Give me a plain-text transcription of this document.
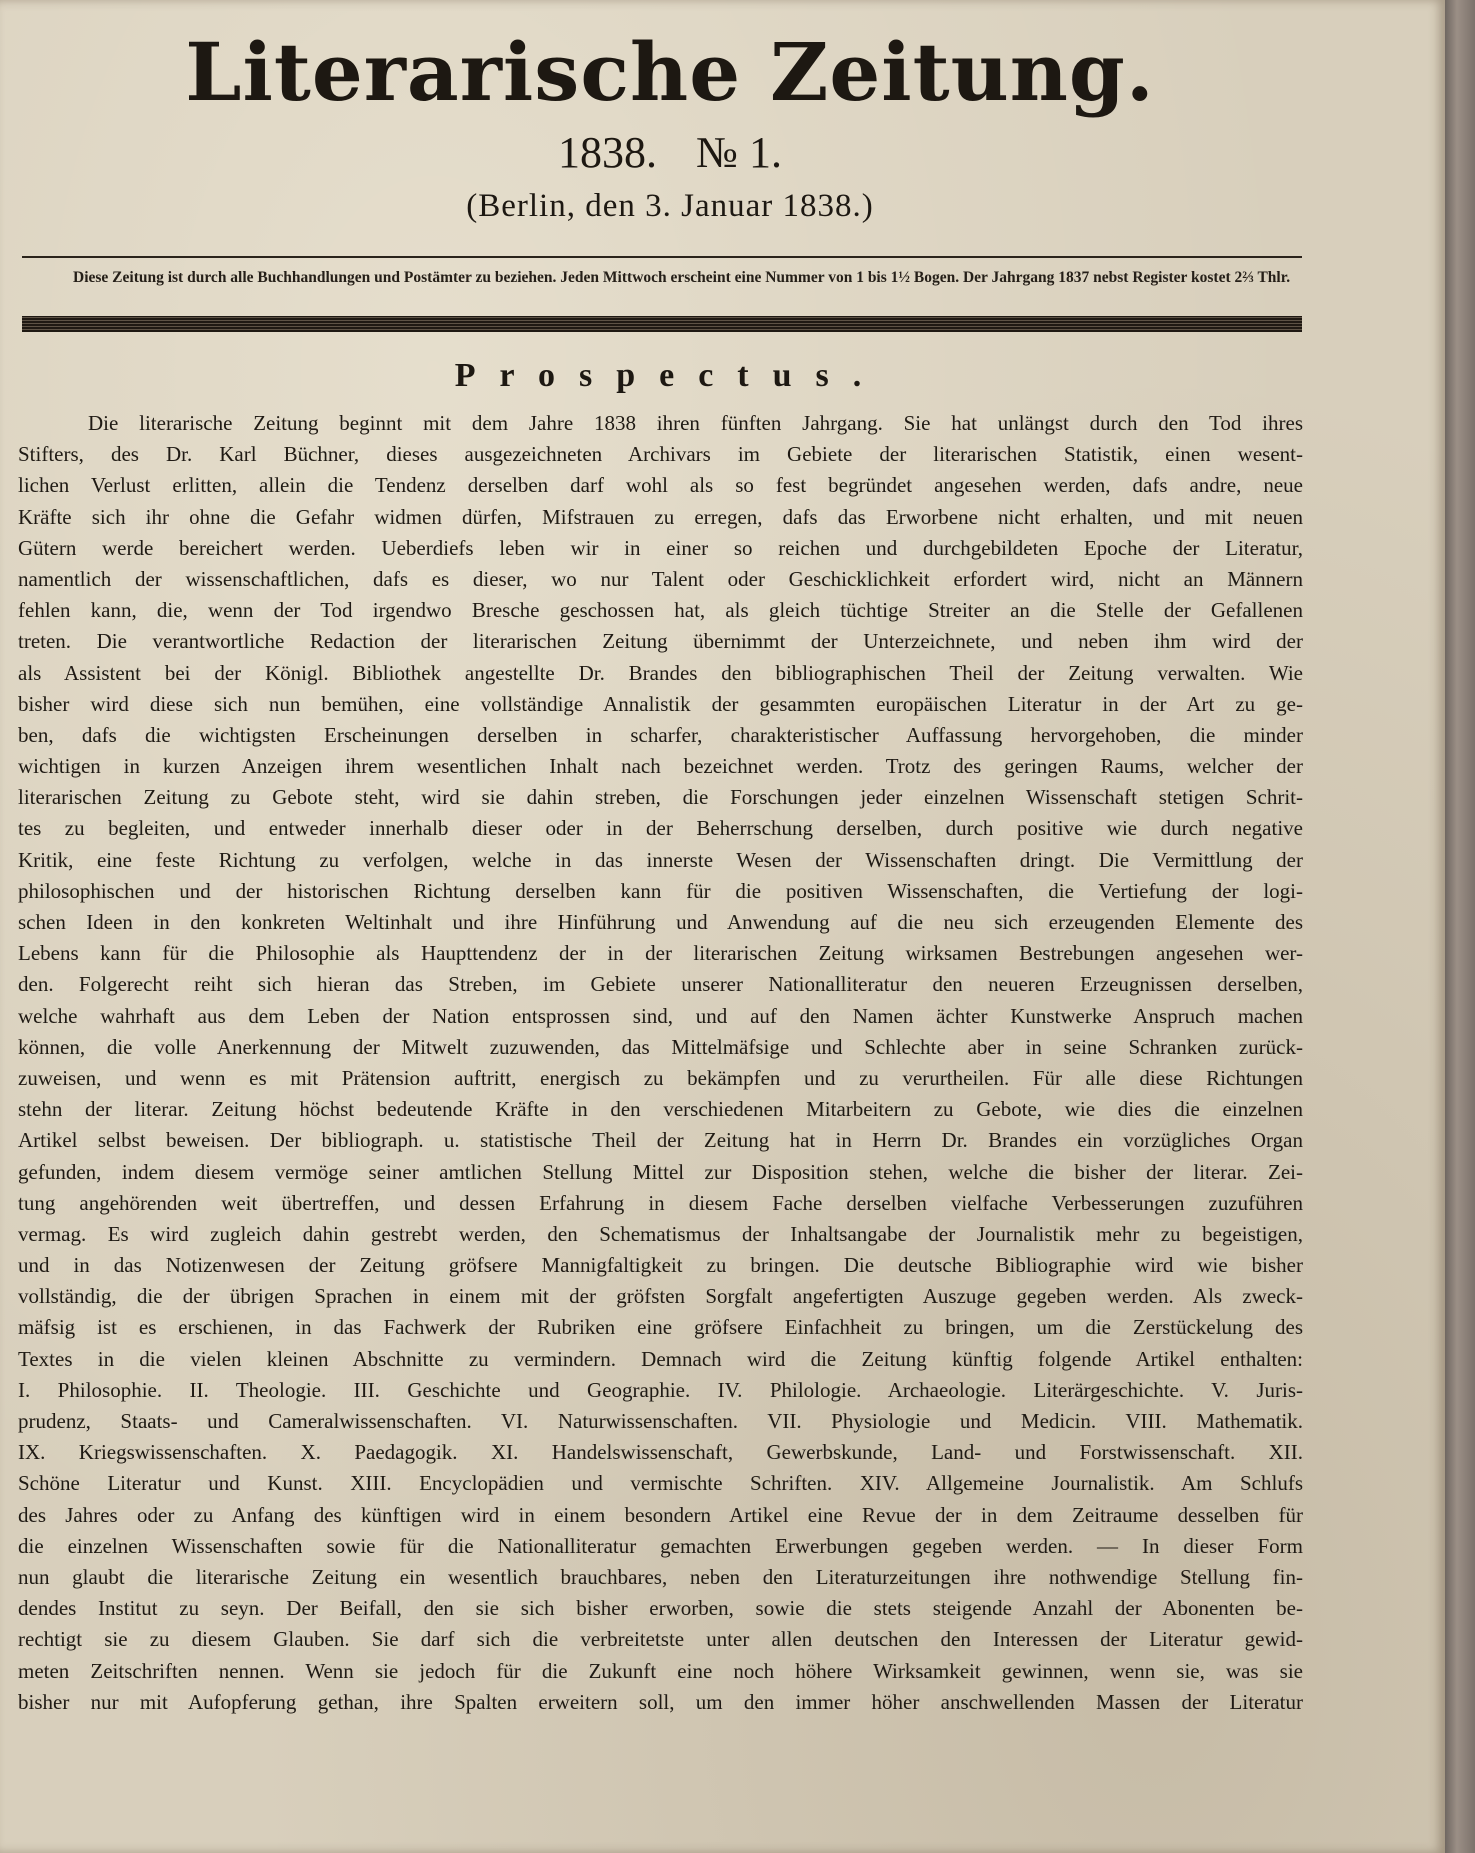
Literarische Zeitung.
1838. № 1.
(Berlin, den 3. Januar 1838.)
Diese Zeitung ist durch alle Buchhandlungen und Postämter zu beziehen. Jeden Mittwoch erscheint eine Nummer von 1 bis 1½ Bogen. Der Jahrgang 1837 nebst Register kostet 2⅔ Thlr.
Prospectus.
Die literarische Zeitung beginnt mit dem Jahre 1838 ihren fünften Jahrgang. Sie hat unlängst durch den Tod ihres
Stifters, des Dr. Karl Büchner, dieses ausgezeichneten Archivars im Gebiete der literarischen Statistik, einen wesent-
lichen Verlust erlitten, allein die Tendenz derselben darf wohl als so fest begründet angesehen werden, dafs andre, neue
Kräfte sich ihr ohne die Gefahr widmen dürfen, Mifstrauen zu erregen, dafs das Erworbene nicht erhalten, und mit neuen
Gütern werde bereichert werden. Ueberdiefs leben wir in einer so reichen und durchgebildeten Epoche der Literatur,
namentlich der wissenschaftlichen, dafs es dieser, wo nur Talent oder Geschicklichkeit erfordert wird, nicht an Männern
fehlen kann, die, wenn der Tod irgendwo Bresche geschossen hat, als gleich tüchtige Streiter an die Stelle der Gefallenen
treten. Die verantwortliche Redaction der literarischen Zeitung übernimmt der Unterzeichnete, und neben ihm wird der
als Assistent bei der Königl. Bibliothek angestellte Dr. Brandes den bibliographischen Theil der Zeitung verwalten. Wie
bisher wird diese sich nun bemühen, eine vollständige Annalistik der gesammten europäischen Literatur in der Art zu ge-
ben, dafs die wichtigsten Erscheinungen derselben in scharfer, charakteristischer Auffassung hervorgehoben, die minder
wichtigen in kurzen Anzeigen ihrem wesentlichen Inhalt nach bezeichnet werden. Trotz des geringen Raums, welcher der
literarischen Zeitung zu Gebote steht, wird sie dahin streben, die Forschungen jeder einzelnen Wissenschaft stetigen Schrit-
tes zu begleiten, und entweder innerhalb dieser oder in der Beherrschung derselben, durch positive wie durch negative
Kritik, eine feste Richtung zu verfolgen, welche in das innerste Wesen der Wissenschaften dringt. Die Vermittlung der
philosophischen und der historischen Richtung derselben kann für die positiven Wissenschaften, die Vertiefung der logi-
schen Ideen in den konkreten Weltinhalt und ihre Hinführung und Anwendung auf die neu sich erzeugenden Elemente des
Lebens kann für die Philosophie als Haupttendenz der in der literarischen Zeitung wirksamen Bestrebungen angesehen wer-
den. Folgerecht reiht sich hieran das Streben, im Gebiete unserer Nationalliteratur den neueren Erzeugnissen derselben,
welche wahrhaft aus dem Leben der Nation entsprossen sind, und auf den Namen ächter Kunstwerke Anspruch machen
können, die volle Anerkennung der Mitwelt zuzuwenden, das Mittelmäfsige und Schlechte aber in seine Schranken zurück-
zuweisen, und wenn es mit Prätension auftritt, energisch zu bekämpfen und zu verurtheilen. Für alle diese Richtungen
stehn der literar. Zeitung höchst bedeutende Kräfte in den verschiedenen Mitarbeitern zu Gebote, wie dies die einzelnen
Artikel selbst beweisen. Der bibliograph. u. statistische Theil der Zeitung hat in Herrn Dr. Brandes ein vorzügliches Organ
gefunden, indem diesem vermöge seiner amtlichen Stellung Mittel zur Disposition stehen, welche die bisher der literar. Zei-
tung angehörenden weit übertreffen, und dessen Erfahrung in diesem Fache derselben vielfache Verbesserungen zuzuführen
vermag. Es wird zugleich dahin gestrebt werden, den Schematismus der Inhaltsangabe der Journalistik mehr zu begeistigen,
und in das Notizenwesen der Zeitung gröfsere Mannigfaltigkeit zu bringen. Die deutsche Bibliographie wird wie bisher
vollständig, die der übrigen Sprachen in einem mit der gröfsten Sorgfalt angefertigten Auszuge gegeben werden. Als zweck-
mäfsig ist es erschienen, in das Fachwerk der Rubriken eine gröfsere Einfachheit zu bringen, um die Zerstückelung des
Textes in die vielen kleinen Abschnitte zu vermindern. Demnach wird die Zeitung künftig folgende Artikel enthalten:
I. Philosophie. II. Theologie. III. Geschichte und Geographie. IV. Philologie. Archaeologie. Literärgeschichte. V. Juris-
prudenz, Staats- und Cameralwissenschaften. VI. Naturwissenschaften. VII. Physiologie und Medicin. VIII. Mathematik.
IX. Kriegswissenschaften. X. Paedagogik. XI. Handelswissenschaft, Gewerbskunde, Land- und Forstwissenschaft. XII.
Schöne Literatur und Kunst. XIII. Encyclopädien und vermischte Schriften. XIV. Allgemeine Journalistik. Am Schlufs
des Jahres oder zu Anfang des künftigen wird in einem besondern Artikel eine Revue der in dem Zeitraume desselben für
die einzelnen Wissenschaften sowie für die Nationalliteratur gemachten Erwerbungen gegeben werden. — In dieser Form
nun glaubt die literarische Zeitung ein wesentlich brauchbares, neben den Literaturzeitungen ihre nothwendige Stellung fin-
dendes Institut zu seyn. Der Beifall, den sie sich bisher erworben, sowie die stets steigende Anzahl der Abonenten be-
rechtigt sie zu diesem Glauben. Sie darf sich die verbreitetste unter allen deutschen den Interessen der Literatur gewid-
meten Zeitschriften nennen. Wenn sie jedoch für die Zukunft eine noch höhere Wirksamkeit gewinnen, wenn sie, was sie
bisher nur mit Aufopferung gethan, ihre Spalten erweitern soll, um den immer höher anschwellenden Massen der Literatur
